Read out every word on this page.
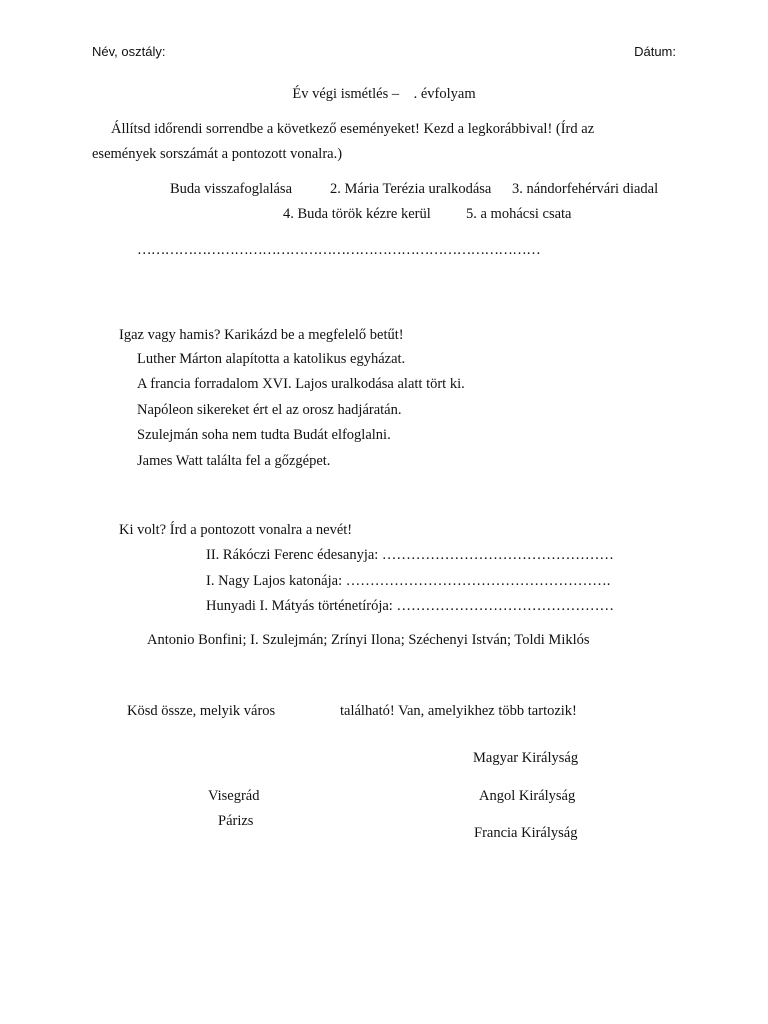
Név, osztály:	Dátum:
Év végi ismétlés –    . évfolyam
Állítsd időrendi sorrendbe a következő eseményeket! Kezd a legkorábbival! (Írd az
események sorszámát a pontozott vonalra.)
Buda visszafoglalása	2. Mária Terézia uralkodása 3. nándorfehérvári diadal
4. Buda török kézre kerül 5. a mohácsi csata
……………………………………………………………………………
Igaz vagy hamis? Karikázd be a megfelelő betűt!
Luther Márton alapította a katolikus egyházat.
A francia forradalom XVI. Lajos uralkodása alatt tört ki.
Napóleon sikereket ért el az orosz hadjáratán.
Szulejmán soha nem tudta Budát elfoglalni.
James Watt találta fel a gőzgépet.
Ki volt? Írd a pontozott vonalra a nevét!
II. Rákóczi Ferenc édesanyja: …………………………………………
I. Nagy Lajos katonája: ……………………………………………….
Hunyadi I. Mátyás történetírója: ………………………………………
Antonio Bonfini; I. Szulejmán; Zrínyi Ilona; Széchenyi István; Toldi Miklós
Kösd össze, melyik város	található! Van, amelyikhez több tartozik!
Magyar Királyság
Visegrád	Angol Királyság
Párizs
Francia Királyság
